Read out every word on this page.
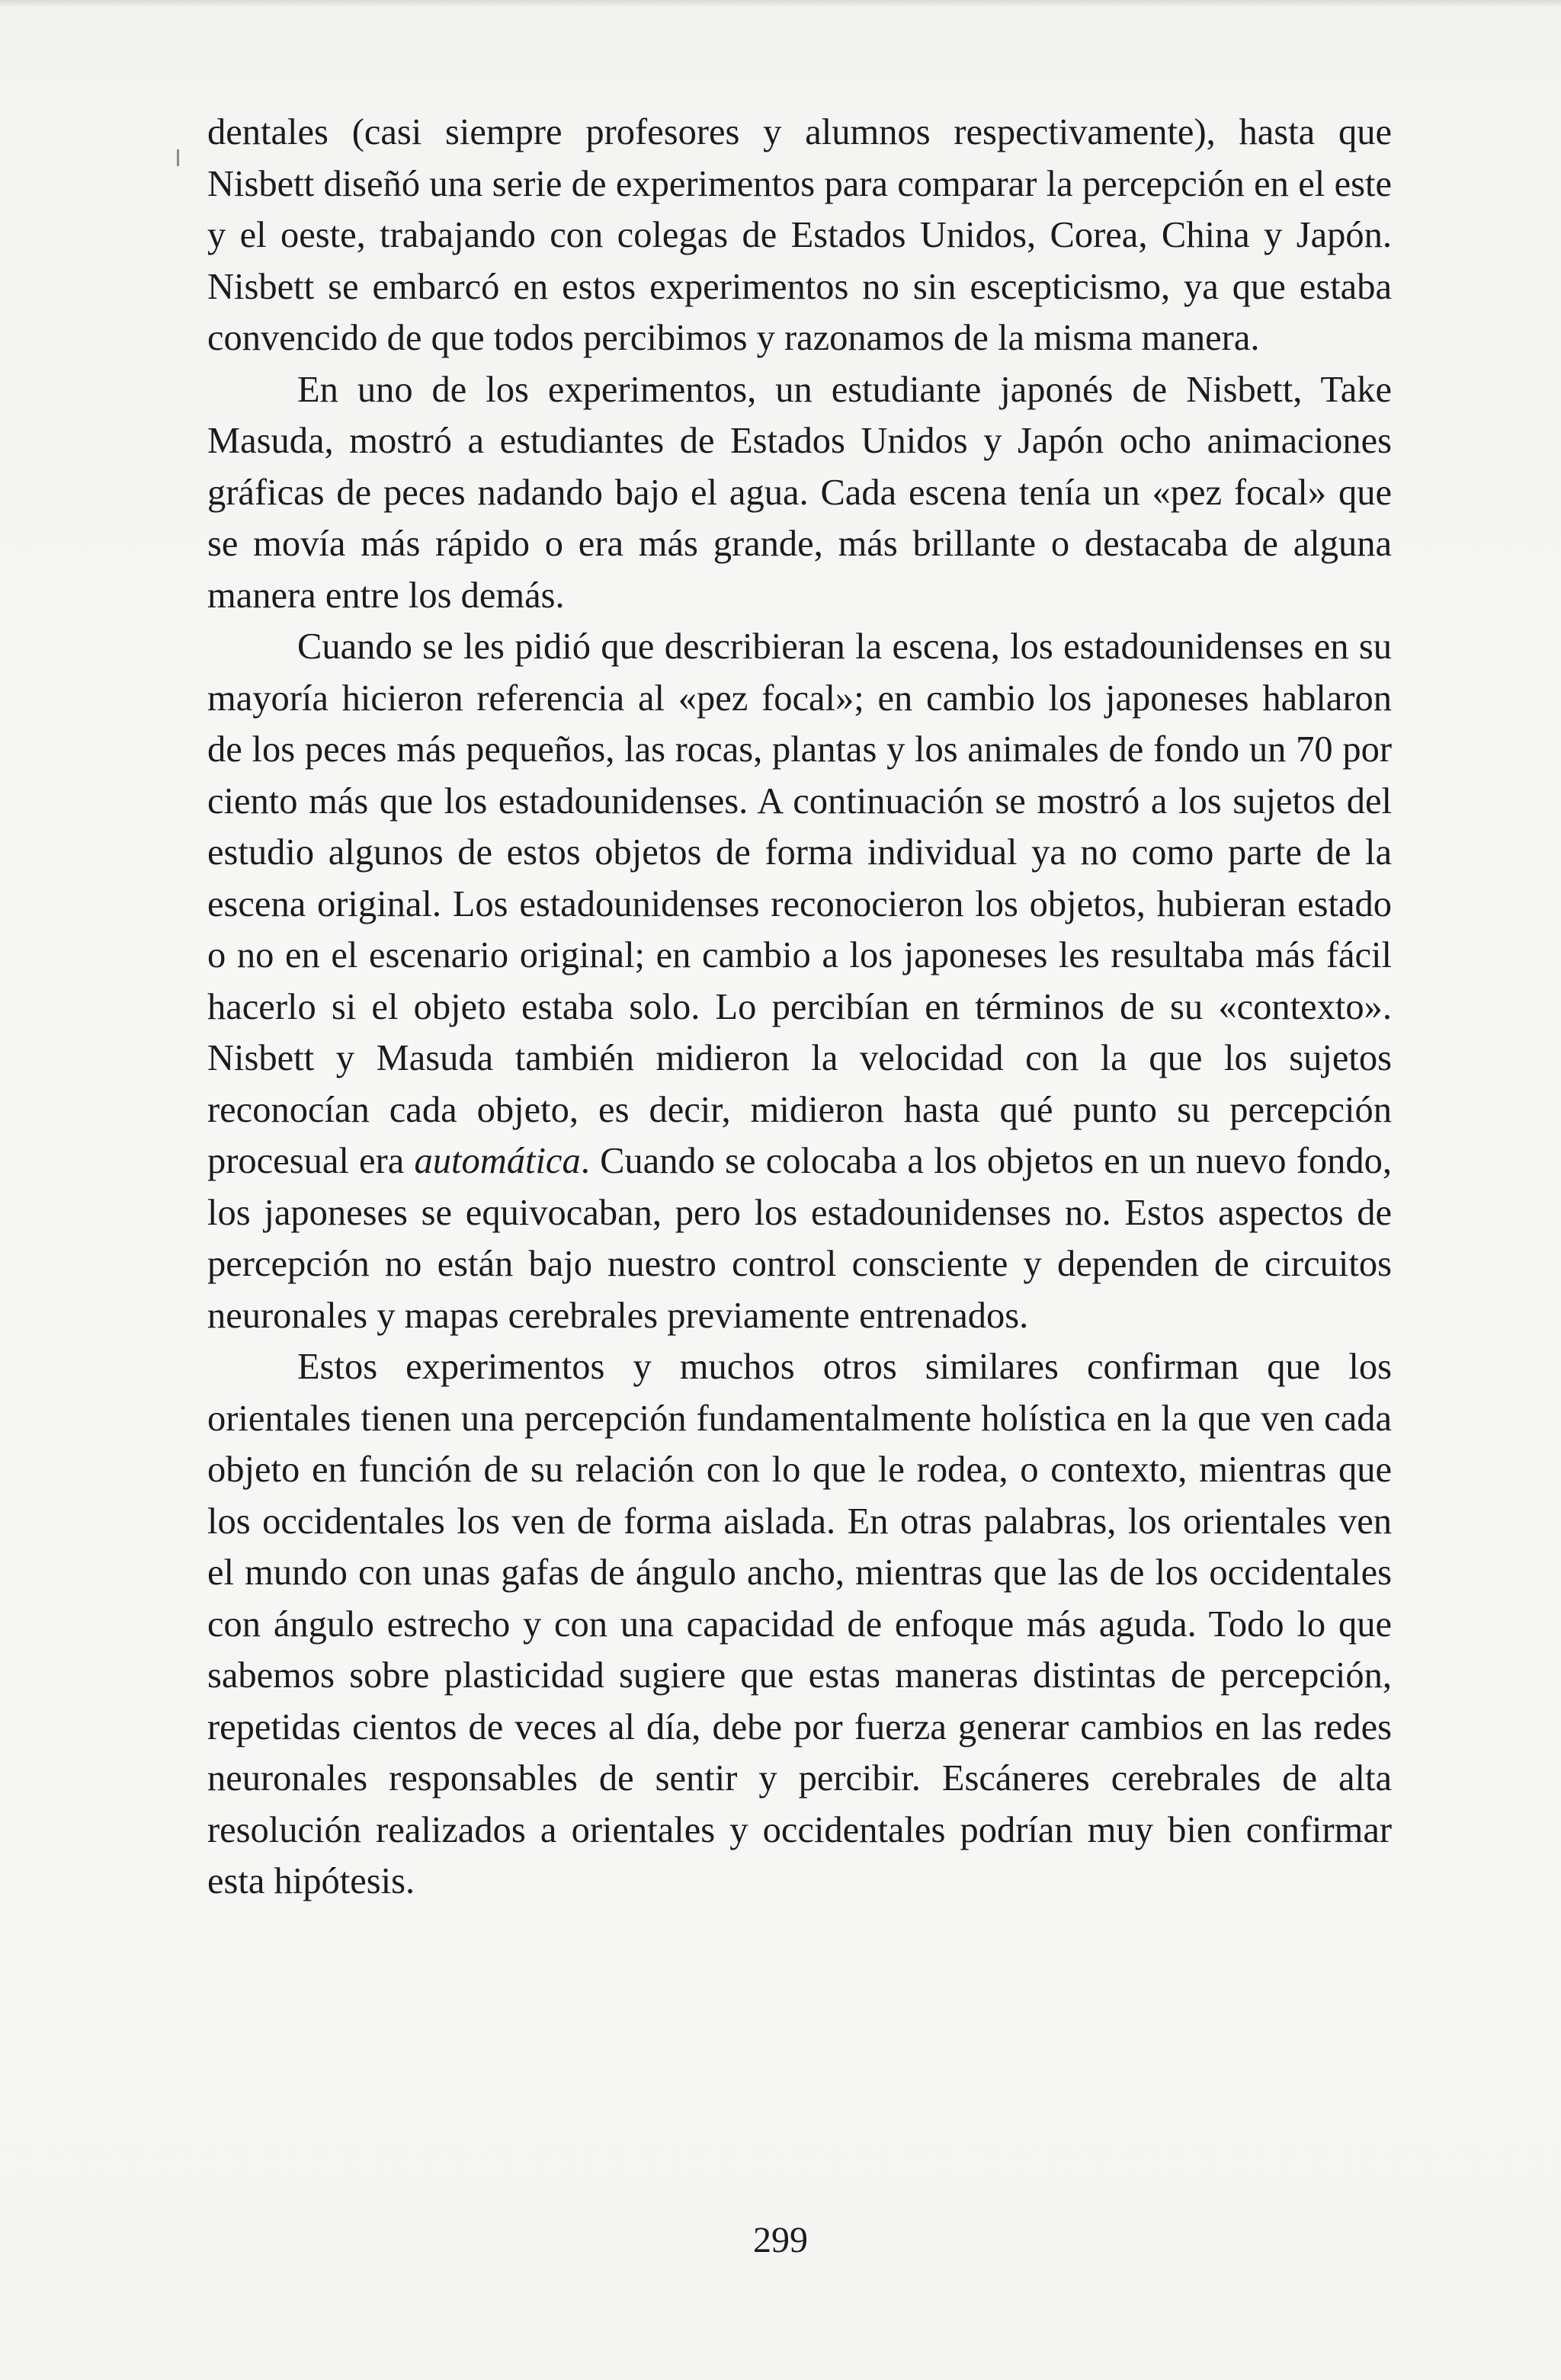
dentales (casi siempre profesores y alumnos respectivamente), hasta que Nisbett diseñó una serie de experimentos para comparar la percepción en el este y el oeste, trabajando con colegas de Estados Unidos, Corea, China y Japón. Nisbett se embarcó en estos experimentos no sin escepticismo, ya que estaba convencido de que todos percibimos y razonamos de la misma manera.

En uno de los experimentos, un estudiante japonés de Nisbett, Take Masuda, mostró a estudiantes de Estados Unidos y Japón ocho animaciones gráficas de peces nadando bajo el agua. Cada escena tenía un «pez focal» que se movía más rápido o era más grande, más brillante o destacaba de alguna manera entre los demás.

Cuando se les pidió que describieran la escena, los estadounidenses en su mayoría hicieron referencia al «pez focal»; en cambio los japoneses hablaron de los peces más pequeños, las rocas, plantas y los animales de fondo un 70 por ciento más que los estadounidenses. A continuación se mostró a los sujetos del estudio algunos de estos objetos de forma individual ya no como parte de la escena original. Los estadounidenses reconocieron los objetos, hubieran estado o no en el escenario original; en cambio a los japoneses les resultaba más fácil hacerlo si el objeto estaba solo. Lo percibían en términos de su «contexto». Nisbett y Masuda también midieron la velocidad con la que los sujetos reconocían cada objeto, es decir, midieron hasta qué punto su percepción procesual era automática. Cuando se colocaba a los objetos en un nuevo fondo, los japoneses se equivocaban, pero los estadounidenses no. Estos aspectos de percepción no están bajo nuestro control consciente y dependen de circuitos neuronales y mapas cerebrales previamente entrenados.

Estos experimentos y muchos otros similares confirman que los orientales tienen una percepción fundamentalmente holística en la que ven cada objeto en función de su relación con lo que le rodea, o contexto, mientras que los occidentales los ven de forma aislada. En otras palabras, los orientales ven el mundo con unas gafas de ángulo ancho, mientras que las de los occidentales con ángulo estrecho y con una capacidad de enfoque más aguda. Todo lo que sabemos sobre plasticidad sugiere que estas maneras distintas de percepción, repetidas cientos de veces al día, debe por fuerza generar cambios en las redes neuronales responsables de sentir y percibir. Escáneres cerebrales de alta resolución realizados a orientales y occidentales podrían muy bien confirmar esta hipótesis.

299
